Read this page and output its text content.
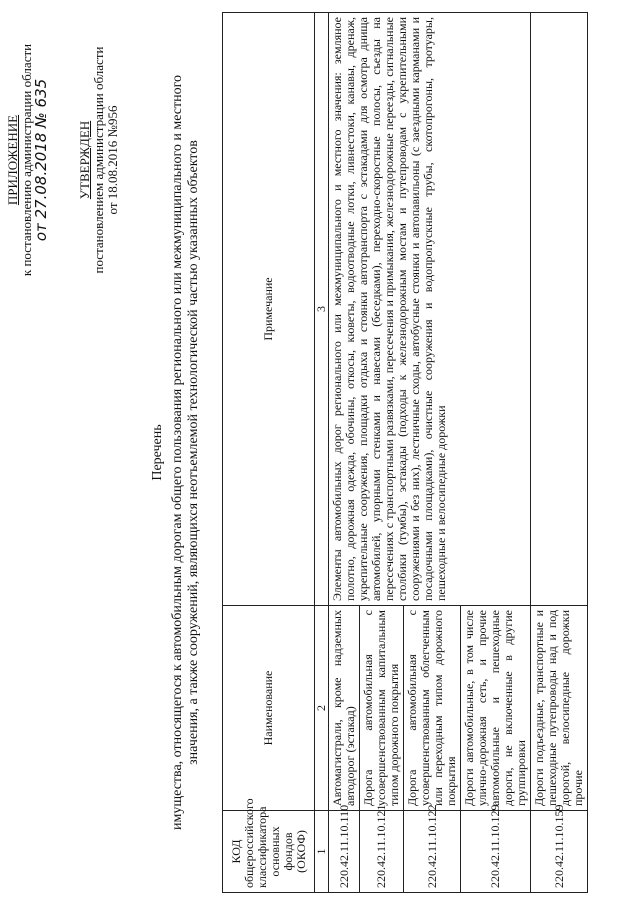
ПРИЛОЖЕНИЕ к постановлению администрации области
от 27.08.2018 № 635 УТВЕРЖДЕН постановлением администрации области от 18.08.2016 №956
Перечень имущества, относящегося к автомобильным дорогам общего пользования регионального или межмуниципального и местного значения, а также сооружений, являющихся неотъемлемой технологической частью указанных объектов
КОД общероссийского классификатора основных фондов (ОКОФ)	Наименование	Примечание
1	2	3
220.42.11.10.110	Автомагистрали, кроме надземных автодорог (эстакад)	Элементы автомобильных дорог регионального или межмуниципального и местного значения: земляное полотно, дорожная одежда, обочины, откосы, кюветы, водоотводные лотки, ливнестоки, канавы, дренаж, укрепительные сооружения, площадки отдыха и стоянки автотранспорта с эстакадами для осмотра днища автомобилей, упорными стенками и навесами (беседками), переходно-скоростные полосы, съезды на пересечениях с транспортными развязками, пересечения и примыкания, железнодорожные переезды, сигнальные столбики (тумбы), эстакады (подходы к железнодорожным мостам и путепроводам с укрепительными сооружениями и без них), лестничные сходы, автобусные стоянки и автопавильоны (с заездными карманами и посадочными площадками), очистные сооружения и водопропускные трубы, скотопрогоны, тротуары, пешеходные и велосипедные дорожки
220.42.11.10.121	Дорога автомобильная с усовершенствованным капитальным типом дорожного покрытия	
220.42.11.10.122	Дорога автомобильная с усовершенствованным облегченным или переходным типом дорожного покрытия	
220.42.11.10.129	Дороги автомобильные, в том числе улично-дорожная сеть, и прочие автомобильные и пешеходные дороги, не включенные в другие группировки	
220.42.11.10.159	Дороги подъездные, транспортные и пешеходные путепроводы над и под дорогой, велосипедные дорожки прочие	
